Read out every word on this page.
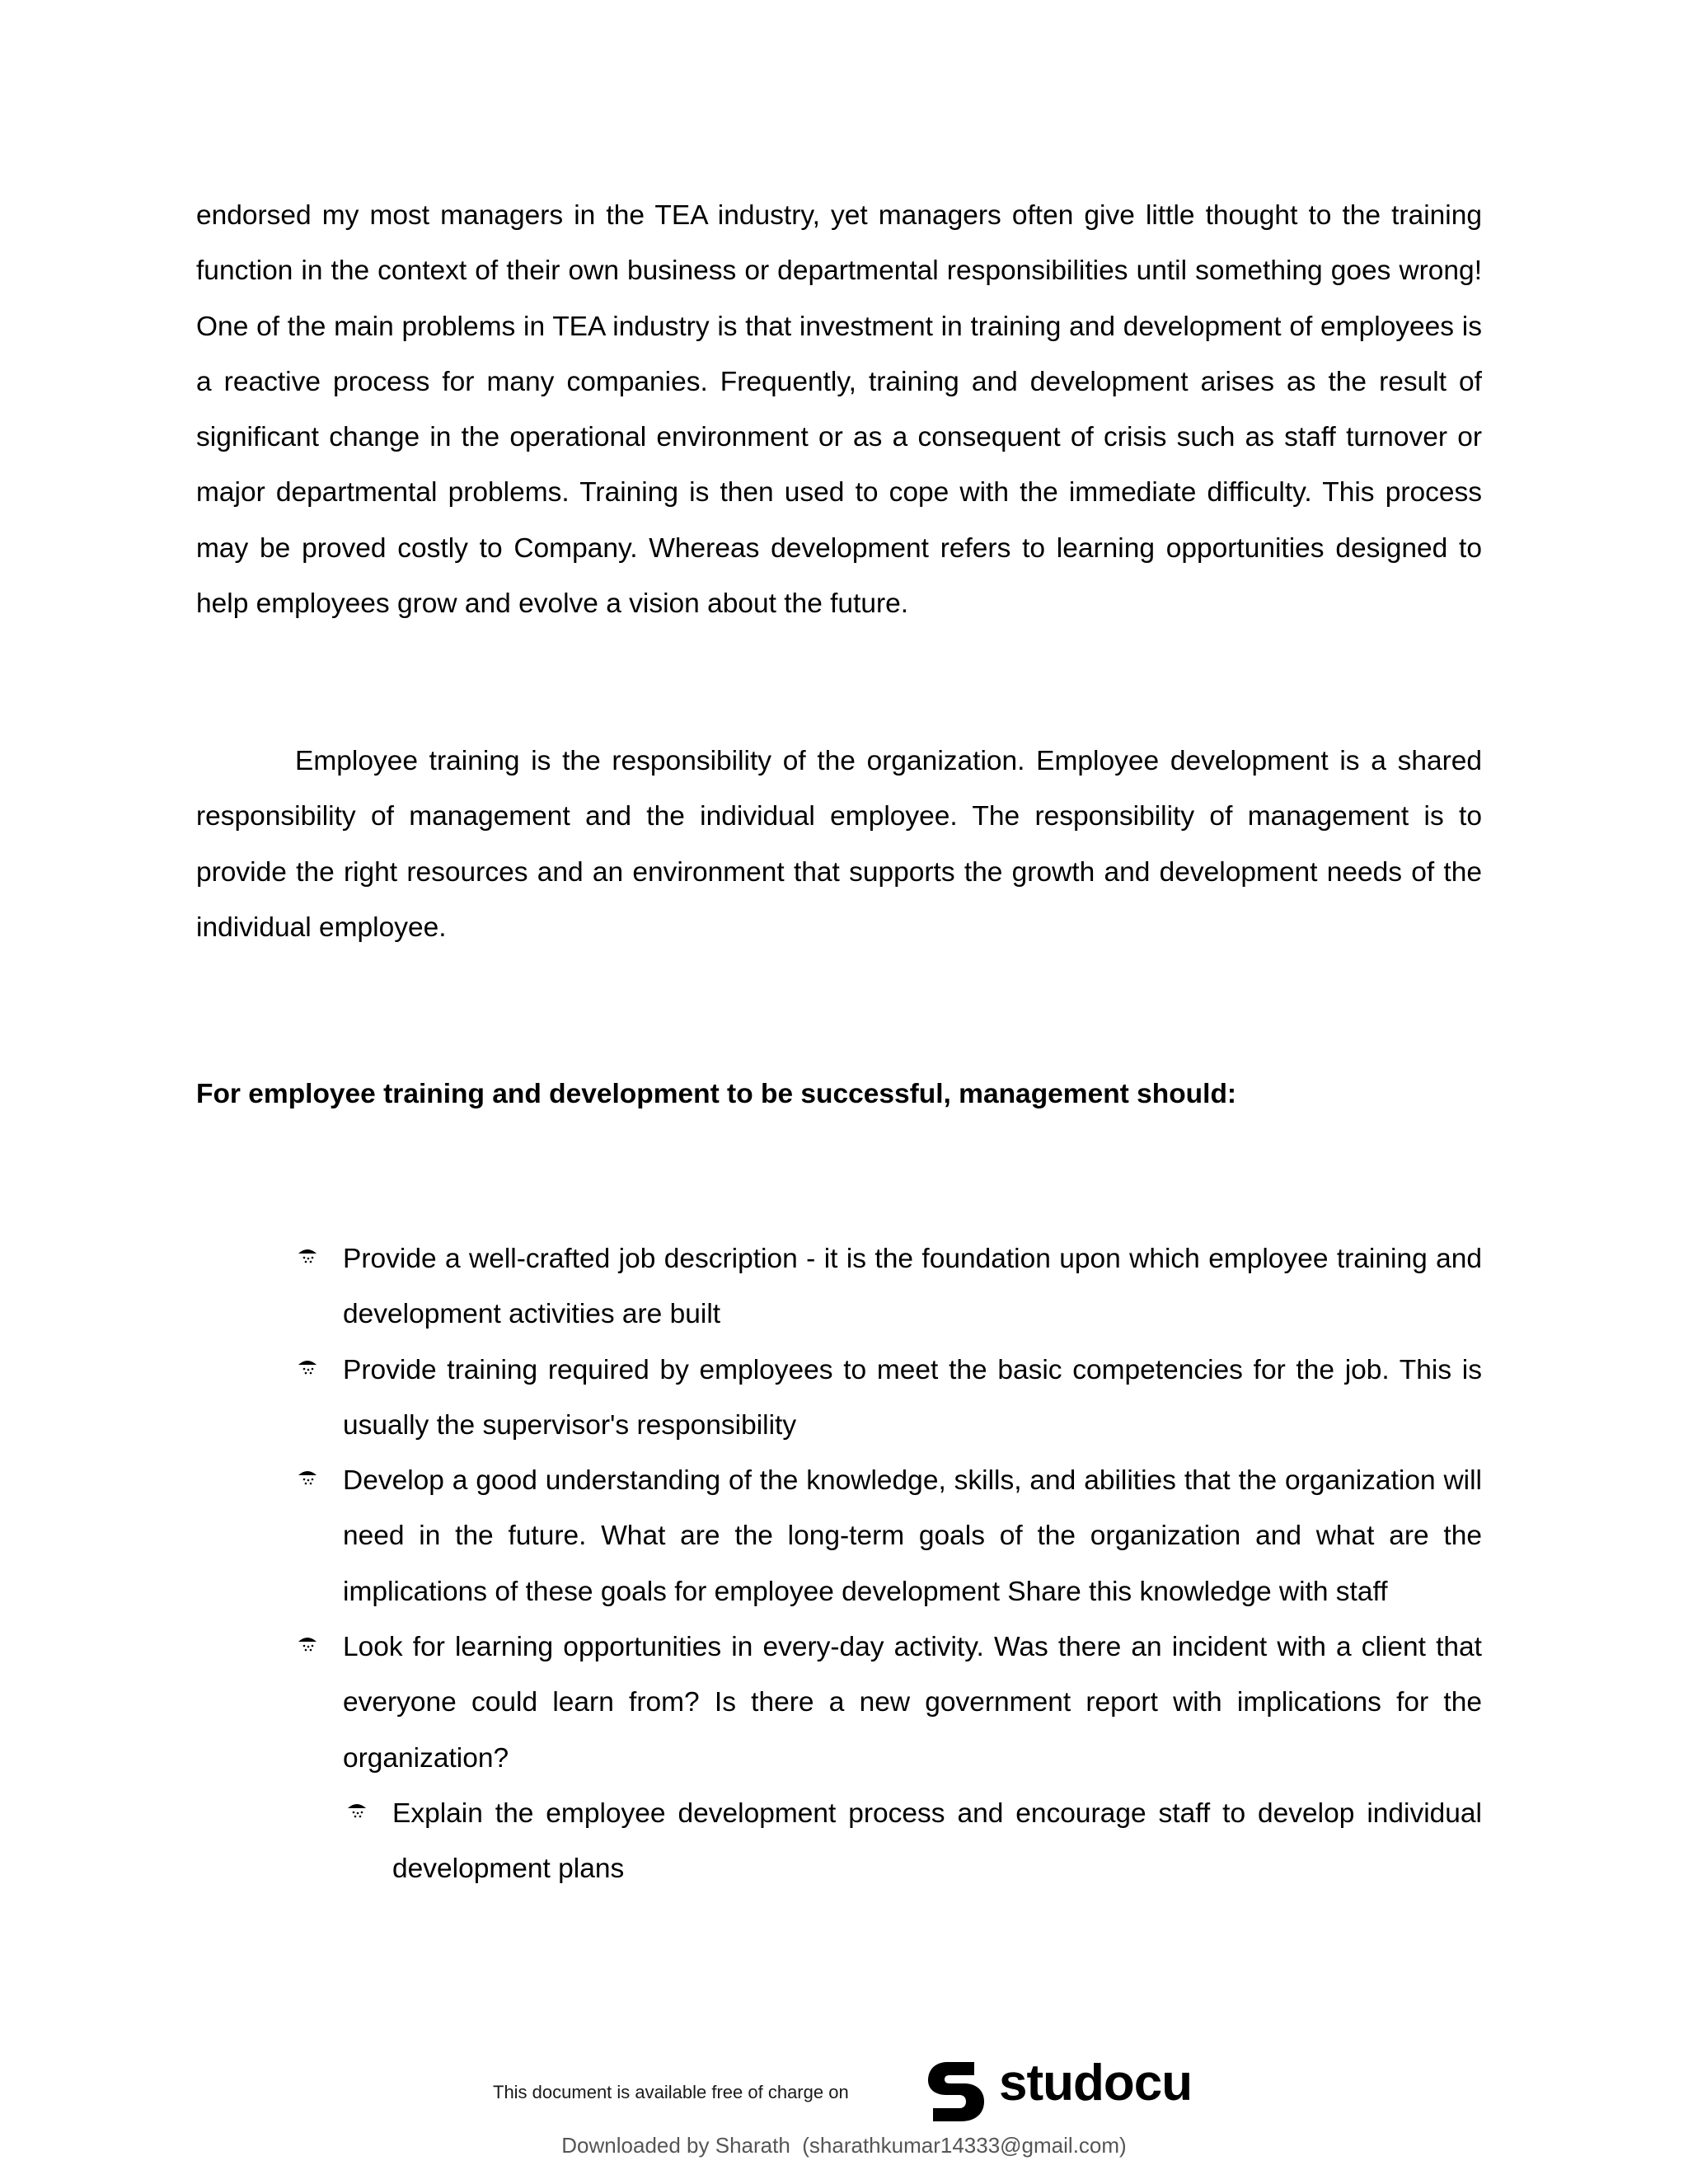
endorsed my most managers in the TEA industry, yet managers often give little thought to the training function in the context of their own business or departmental responsibilities until something goes wrong! One of the main problems in TEA industry is that investment in training and development of employees is a reactive process for many companies. Frequently, training and development arises as the result of significant change in the operational environment or as a consequent of crisis such as staff turnover or major departmental problems. Training is then used to cope with the immediate difficulty. This process may be proved costly to Company. Whereas development refers to learning opportunities designed to help employees grow and evolve a vision about the future.

Employee training is the responsibility of the organization. Employee development is a shared responsibility of management and the individual employee. The responsibility of management is to provide the right resources and an environment that supports the growth and development needs of the individual employee.

For employee training and development to be successful, management should:

Provide a well-crafted job description - it is the foundation upon which employee training and development activities are built
Provide training required by employees to meet the basic competencies for the job. This is usually the supervisor's responsibility
Develop a good understanding of the knowledge, skills, and abilities that the organization will need in the future. What are the long-term goals of the organization and what are the implications of these goals for employee development Share this knowledge with staff
Look for learning opportunities in every-day activity. Was there an incident with a client that everyone could learn from? Is there a new government report with implications for the organization?
Explain the employee development process and encourage staff to develop individual development plans
This document is available free of charge on	studocu
Downloaded by Sharath  (sharathkumar14333@gmail.com)
